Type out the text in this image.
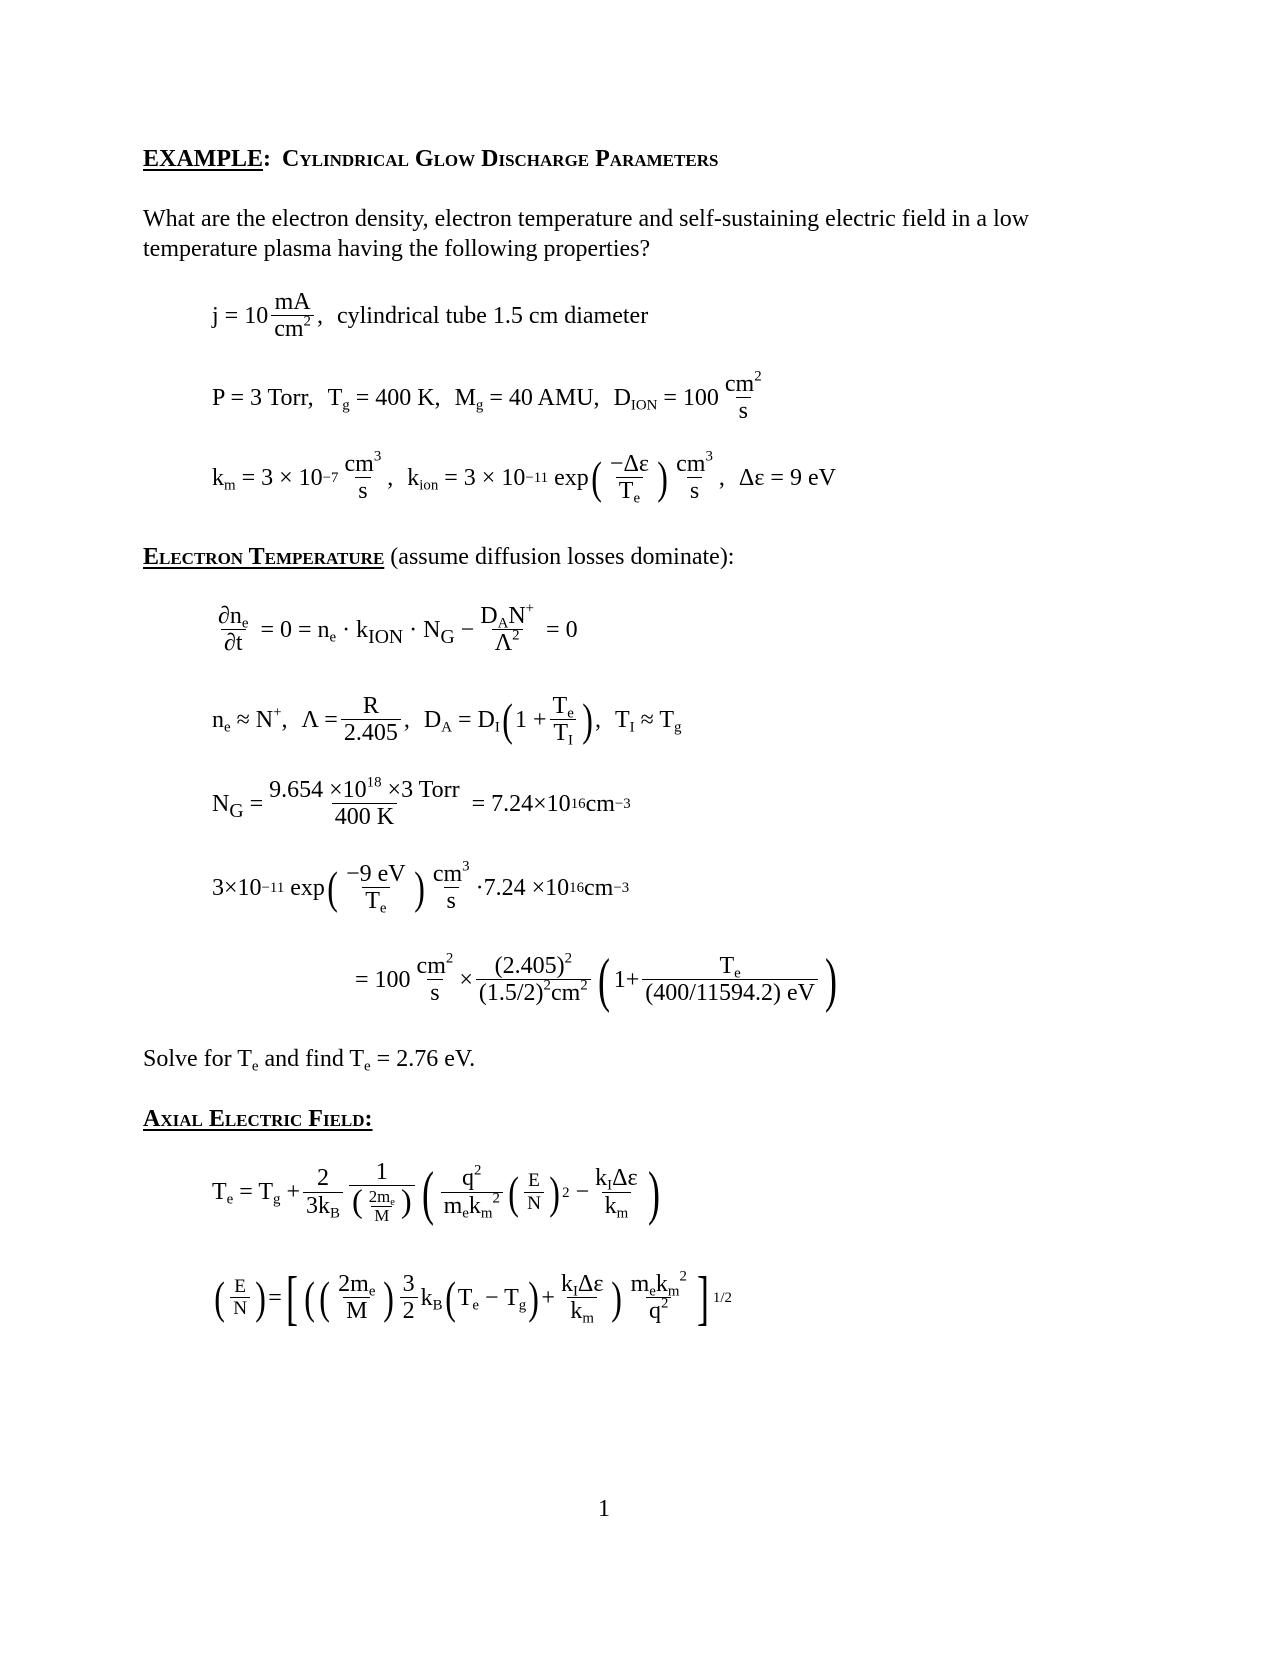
EXAMPLE: Cylindrical Glow Discharge Parameters
What are the electron density, electron temperature and self-sustaining electric field in a low
temperature plasma having the following properties?
$j = 10 \frac{mA}{cm^2}$ , cylindrical tube 1.5 cm diameter
P = 3 Torr, $T_g = 400$ K, $M_g = 40$ AMU, $D_{ION} = 100 \frac{cm^2}{s}$
$k_m = 3 \times 10 -7 \frac{cm^3}{s}$ , $k_{ion} = 3 \times 10 -11$
exp ( $\frac{-\Delta\varepsilon}{T_e}$ ) $\frac{cm^3}{s}$ , Δε = 9 eV
Electron Temperature (assume diffusion losses dominate):
$\frac{\partial n_e}{\partial t} = 0 = n_e \cdot k_{ION} \cdot N_G - \frac{D_AN^+}{\Lambda^2} = 0$
$n_e \approx N^+$, $\Lambda = \frac{R}{2.405}$ , $D_A = D_I$ ( $1 + \frac{T_e}{T_I}$ ) , $T_I \approx T_g$
$N_G = \frac{9.654 \times 10^{18} \times 3 Torr}{400 K}$
= 7.24×10 16 cm −3
3×10 −11
exp ( $\frac{-9 eV}{T_e}$ ) $\frac{cm^3}{s} \cdot 7.24 \times 10$ 16 cm −3
= $100 \frac{cm^2}{s} \times \frac{(2.405)^2}{(1.5/2)^2cm^2}$ ( $1+ \frac{T_e}{(400/11594.2) eV}$ )
Solve for $T_e$ and find $T_e = 2.76$ eV.
Axial Electric Field:
$T_e = T_g + \frac{2}{3k_B} \frac{1}{( \frac{2m_e}{M} )}$ ( $\frac{q^2}{m_ek_m^2}$ ( $\frac{E}{N}$ ) $2 - \frac{k_I\Delta\varepsilon}{k_m}$ )
( $\frac{E}{N}$ ) = [ ( ( $\frac{2m_e}{M}$ ) $\frac{3}{2} k_B$ ( $T_e - T_g$ ) + $\frac{k_I\Delta\varepsilon}{k_m}$ ) $\frac{m_ek_m^2}{q^2}$ ] 1/2
1
